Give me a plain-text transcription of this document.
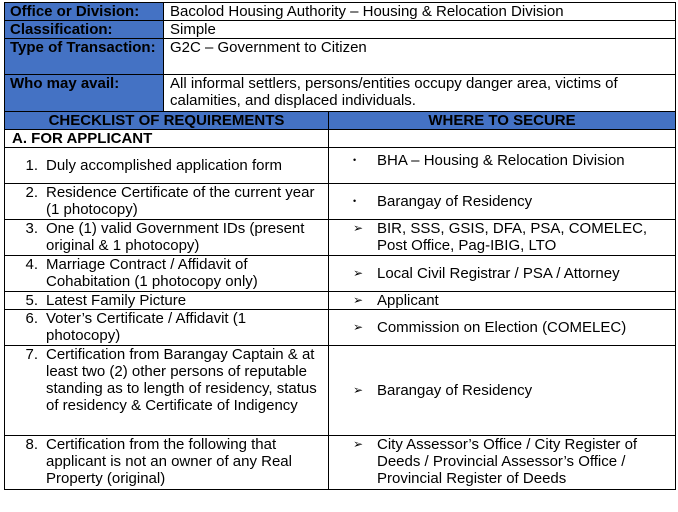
Office or Division:	Bacolod Housing Authority – Housing & Relocation Division	
Classification:	Simple	
Type of Transaction:	G2C – Government to Citizen	
Who may avail:	All informal settlers, persons/entities occupy danger area, victims of calamities, and displaced individuals.	
CHECKLIST OF REQUIREMENTS		WHERE TO SECURE
A. FOR APPLICANT		

1. Duly accomplished application form		• BHA – Housing & Relocation Division

2. Residence Certificate of the current year (1 photocopy)		• Barangay of Residency

3. One (1) valid Government IDs (present original & 1 photocopy)		➢ BIR, SSS, GSIS, DFA, PSA, COMELEC, Post Office, Pag-IBIG, LTO

4. Marriage Contract / Affidavit of Cohabitation (1 photocopy only)		➢ Local Civil Registrar / PSA / Attorney

5. Latest Family Picture		➢ Applicant

6. Voter’s Certificate / Affidavit (1 photocopy)		➢ Commission on Election (COMELEC)

7. Certification from Barangay Captain & at least two (2) other persons of reputable standing as to length of residency, status of residency & Certificate of Indigency		➢ Barangay of Residency

8. Certification from the following that applicant is not an owner of any Real Property (original)		➢ City Assessor’s Office / City Register of Deeds / Provincial Assessor’s Office / Provincial Register of Deeds
